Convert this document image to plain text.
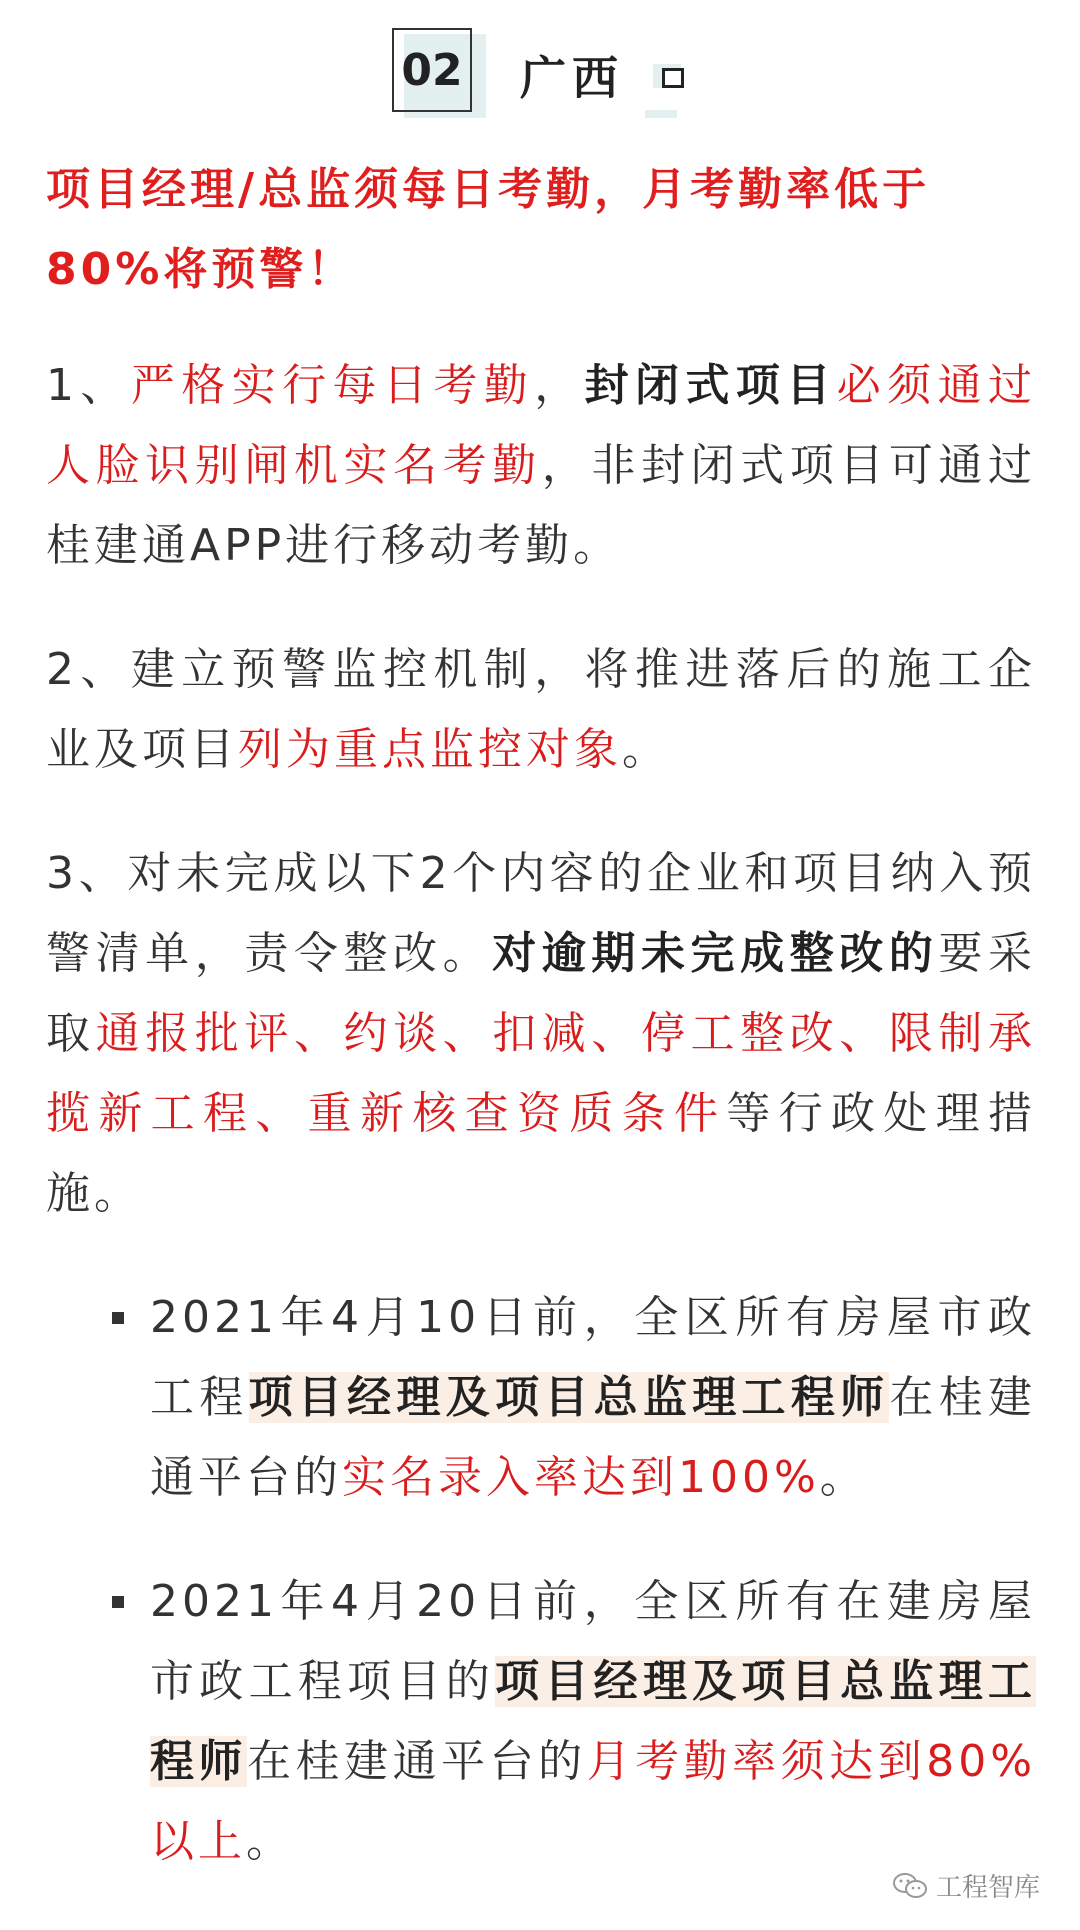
02 广西

项目经理/总监须每日考勤，月考勤率低于80%将预警！

1、严格实行每日考勤，封闭式项目必须通过人脸识别闸机实名考勤，非封闭式项目可通过桂建通APP进行移动考勤。

2、建立预警监控机制，将推进落后的施工企业及项目列为重点监控对象。

3、对未完成以下2个内容的企业和项目纳入预警清单，责令整改。对逾期未完成整改的要采取通报批评、约谈、扣减、停工整改、限制承揽新工程、重新核查资质条件等行政处理措施。

2021年4月10日前，全区所有房屋市政工程项目经理及项目总监理工程师在桂建通平台的实名录入率达到100%。
2021年4月20日前，全区所有在建房屋市政工程项目的项目经理及项目总监理工程师在桂建通平台的月考勤率须达到80%以上。
工程智库
